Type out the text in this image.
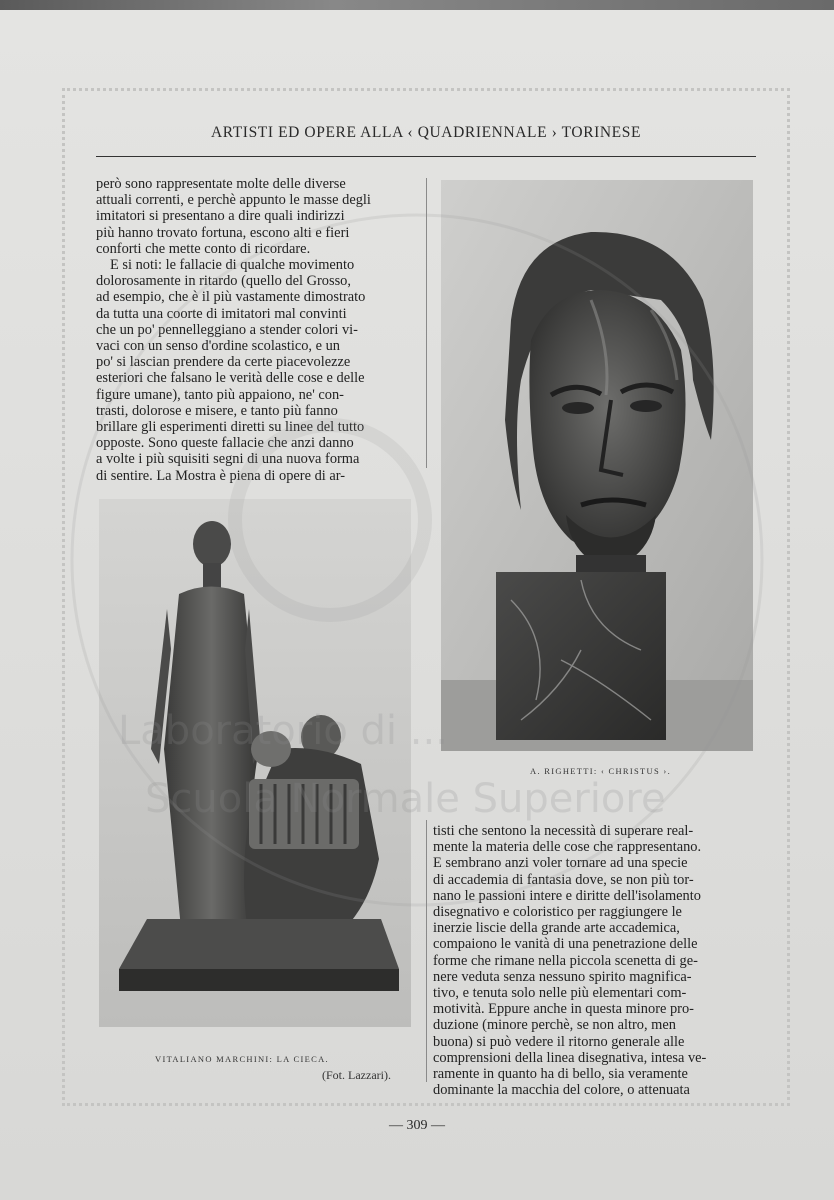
ARTISTI ED OPERE ALLA ‹ QUADRIENNALE › TORINESE

però sono rappresentate molte delle diverse

attuali correnti, e perchè appunto le masse degli

imitatori si presentano a dire quali indirizzi

più hanno trovato fortuna, escono alti e fieri

conforti che mette conto di ricordare.

E si noti: le fallacie di qualche movimento

dolorosamente in ritardo (quello del Grosso,

ad esempio, che è il più vastamente dimostrato

da tutta una coorte di imitatori mal convinti

che un po' pennelleggiano a stender colori vi-

vaci con un senso d'ordine scolastico, e un

po' si lascian prendere da certe piacevolezze

esteriori che falsano le verità delle cose e delle

figure umane), tanto più appaiono, ne' con-

trasti, dolorose e misere, e tanto più fanno

brillare gli esperimenti diretti su linee del tutto

opposte. Sono queste fallacie che anzi danno

a volte i più squisiti segni di una nuova forma

di sentire. La Mostra è piena di opere di ar-

A. RIGHETTI: ‹ CHRISTUS ›.
VITALIANO MARCHINI: LA CIECA.
(Fot. Lazzari).

tisti che sentono la necessità di superare real-

mente la materia delle cose che rappresentano.

E sembrano anzi voler tornare ad una specie

di accademia di fantasia dove, se non più tor-

nano le passioni intere e diritte dell'isolamento

disegnativo e coloristico per raggiungere le

inerzie liscie della grande arte accademica,

compaiono le vanità di una penetrazione delle

forme che rimane nella piccola scenetta di ge-

nere veduta senza nessuno spirito magnifica-

tivo, e tenuta solo nelle più elementari com-

motività. Eppure anche in questa minore pro-

duzione (minore perchè, se non altro, men

buona) si può vedere il ritorno generale alle

comprensioni della linea disegnativa, intesa ve-

ramente in quanto ha di bello, sia veramente

dominante la macchia del colore, o attenuata

— 309 —
Laboratorio di ...
Scuola Normale Superiore
